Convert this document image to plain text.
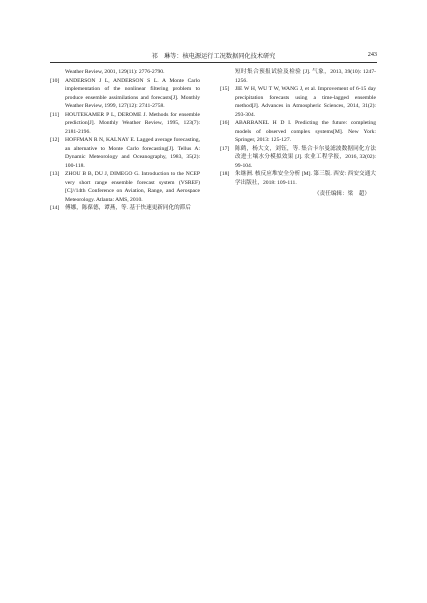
祁　琳等：核电源运行工况数据同化技术研究	243
Weather Review, 2001, 129(11): 2776-2790.
[10] ANDERSON J L, ANDERSON S L. A Monte Carlo implementation of the nonlinear filtering problem to produce ensemble assimilations and forecasts[J]. Monthly Weather Review, 1999, 127(12): 2741-2758.
[11] HOUTEKAMER P L, DEROME J. Methods for ensemble prediction[J]. Monthly Weather Review, 1995, 123(7): 2181-2196.
[12] HOFFMAN R N, KALNAY E. Lagged average forecasting, an alternative to Monte Carlo forecasting[J]. Tellus A: Dynamic Meteorology and Oceanography, 1983, 35(2): 100-118.
[13] ZHOU B B, DU J, DIMEGO G. Introduction to the NCEP very short range ensemble forecast system (VSREF)[C]//14th Conference on Aviation, Range, and Aerospace Meteorology. Atlanta: AMS, 2010.
[14] 傅娜，陈葆德，谭燕，等. 基于快速更新同化的滞后
短时集合预报试验及检验 [J]. 气象，2013, 39(10): 1247-1256.
[15] JIE W H, WU T W, WANG J, et al. Improvement of 6-15 day precipitation forecasts using a time-lagged ensemble method[J]. Advances in Atmospheric Sciences, 2014, 31(2): 293-304.
[16] ABARBANEL H D I. Predicting the future: completing models of observed complex systems[M]. New York: Springer, 2013: 125-127.
[17] 陈鹤，杨大文，刘钰，等. 集合卡尔曼滤波数据同化方法改进土壤水分模拟效果 [J]. 农业工程学报，2016, 32(02): 99-104.
[18] 朱继洲. 核反应堆安全分析 [M]. 第三版. 西安: 西安交通大学出版社，2018: 109-111.
（责任编辑：梁　超）
